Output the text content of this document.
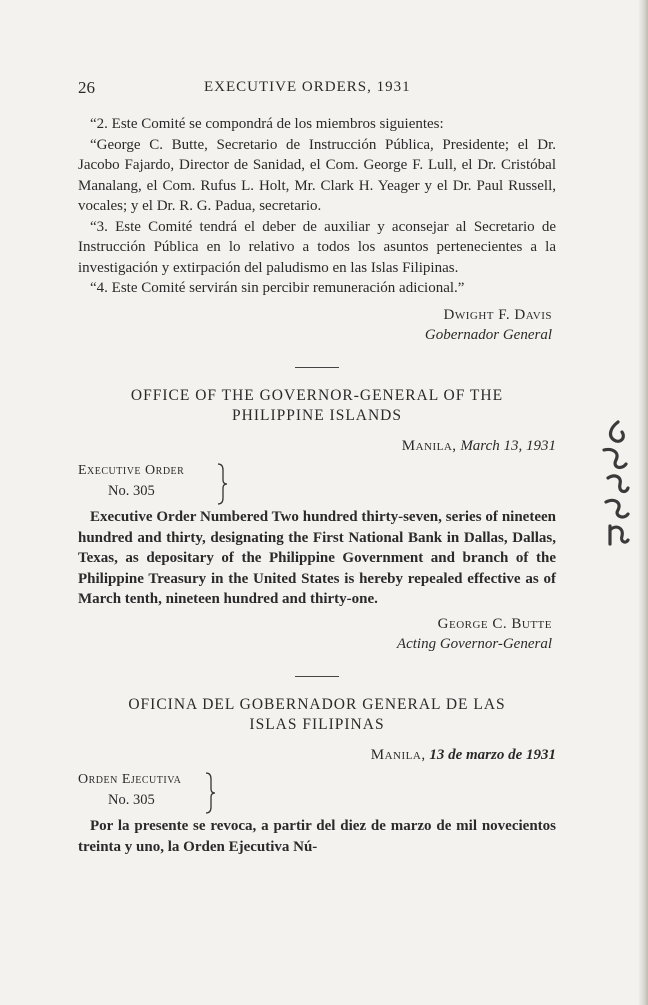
26	EXECUTIVE ORDERS, 1931

“2. Este Comité se compondrá de los miembros siguientes:

“George C. Butte, Secretario de Instrucción Pública, Presidente; el Dr. Jacobo Fajardo, Director de Sanidad, el Com. George F. Lull, el Dr. Cristóbal Manalang, el Com. Rufus L. Holt, Mr. Clark H. Yeager y el Dr. Paul Russell, vocales; y el Dr. R. G. Padua, secretario.

“3. Este Comité tendrá el deber de auxiliar y aconsejar al Secretario de Instrucción Pública en lo relativo a todos los asuntos pertenecientes a la investigación y extirpación del paludismo en las Islas Filipinas.

“4. Este Comité servirán sin percibir remuneración adicional.”

Dwight F. Davis
Gobernador General
OFFICE OF THE GOVERNOR-GENERAL OF THE
PHILIPPINE ISLANDS
Manila, March 13, 1931
Executive Order
No. 305

Executive Order Numbered Two hundred thirty-seven, series of nineteen hundred and thirty, designating the First National Bank in Dallas, Dallas, Texas, as depositary of the Philippine Government and branch of the Philippine Treasury in the United States is hereby repealed effective as of March tenth, nineteen hundred and thirty-one.

George C. Butte
Acting Governor-General
OFICINA DEL GOBERNADOR GENERAL DE LAS
ISLAS FILIPINAS
Manila, 13 de marzo de 1931
Orden Ejecutiva
No. 305

Por la presente se revoca, a partir del diez de marzo de mil novecientos treinta y uno, la Orden Ejecutiva Nú-
